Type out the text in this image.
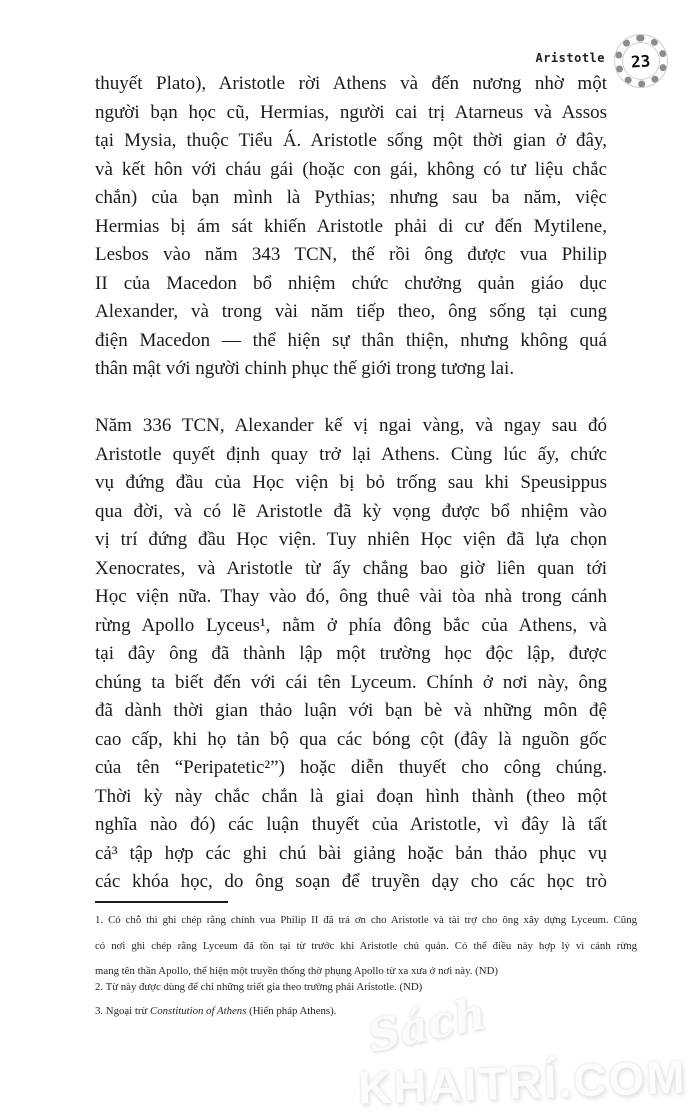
Aristotle 23
thuyết Plato), Aristotle rời Athens và đến nương nhờ một
người bạn học cũ, Hermias, người cai trị Atarneus và Assos
tại Mysia, thuộc Tiểu Á. Aristotle sống một thời gian ở đây,
và kết hôn với cháu gái (hoặc con gái, không có tư liệu chắc
chắn) của bạn mình là Pythias; nhưng sau ba năm, việc
Hermias bị ám sát khiến Aristotle phải di cư đến Mytilene,
Lesbos vào năm 343 TCN, thế rồi ông được vua Philip
II của Macedon bổ nhiệm chức chưởng quản giáo dục
Alexander, và trong vài năm tiếp theo, ông sống tại cung
điện Macedon — thể hiện sự thân thiện, nhưng không quá
thân mật với người chinh phục thế giới trong tương lai.
Năm 336 TCN, Alexander kế vị ngai vàng, và ngay sau đó
Aristotle quyết định quay trở lại Athens. Cùng lúc ấy, chức
vụ đứng đầu của Học viện bị bỏ trống sau khi Speusippus
qua đời, và có lẽ Aristotle đã kỳ vọng được bổ nhiệm vào
vị trí đứng đầu Học viện. Tuy nhiên Học viện đã lựa chọn
Xenocrates, và Aristotle từ ấy chẳng bao giờ liên quan tới
Học viện nữa. Thay vào đó, ông thuê vài tòa nhà trong cánh
rừng Apollo Lyceus¹, nằm ở phía đông bắc của Athens, và
tại đây ông đã thành lập một trường học độc lập, được
chúng ta biết đến với cái tên Lyceum. Chính ở nơi này, ông
đã dành thời gian thảo luận với bạn bè và những môn đệ
cao cấp, khi họ tản bộ qua các bóng cột (đây là nguồn gốc
của tên “Peripatetic²”) hoặc diễn thuyết cho công chúng.
Thời kỳ này chắc chắn là giai đoạn hình thành (theo một
nghĩa nào đó) các luận thuyết của Aristotle, vì đây là tất
cả³ tập hợp các ghi chú bài giảng hoặc bản thảo phục vụ
các khóa học, do ông soạn để truyền dạy cho các học trò
1. Có chỗ thì ghi chép rằng chính vua Philip II đã trả ơn cho Aristotle và tài trợ cho ông xây dựng Lyceum. Cũng
có nơi ghi chép rằng Lyceum đã tồn tại từ trước khi Aristotle chủ quản. Có thể điều này hợp lý vì cánh rừng
mang tên thần Apollo, thể hiện một truyền thống thờ phụng Apollo từ xa xưa ở nơi này. (ND)
2. Từ này được dùng để chỉ những triết gia theo trường phái Aristotle. (ND)
3. Ngoại trừ Constitution of Athens (Hiến pháp Athens). Sách
KHAITRÍ.COM
